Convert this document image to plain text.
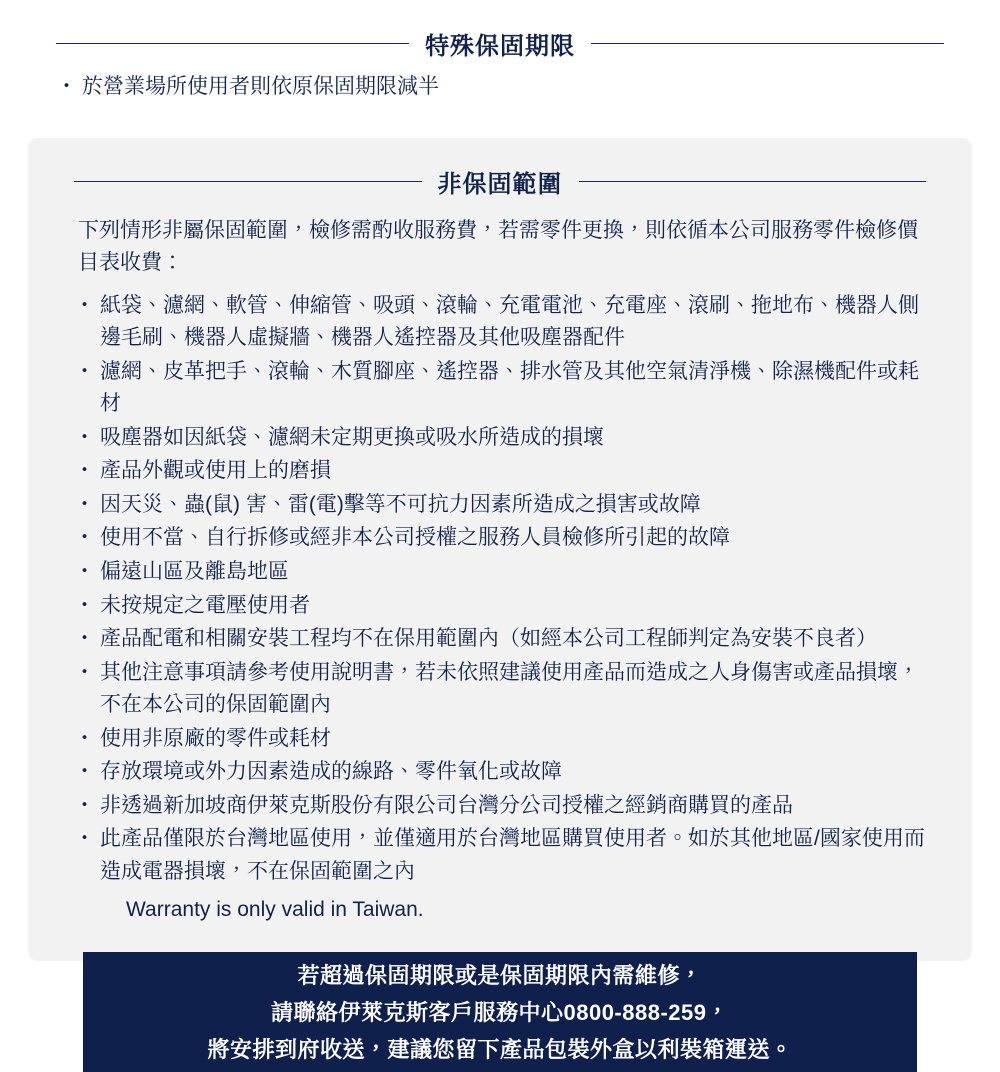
特殊保固期限
・ 於營業場所使用者則依原保固期限減半
非保固範圍

下列情形非屬保固範圍，檢修需酌收服務費，若需零件更換，則依循本公司服務零件檢修價目表收費：

・ 紙袋、濾網、軟管、伸縮管、吸頭、滾輪、充電電池、充電座、滾刷、拖地布、機器人側邊毛刷、機器人虛擬牆、機器人遙控器及其他吸塵器配件
・ 濾網、皮革把手、滾輪、木質腳座、遙控器、排水管及其他空氣清淨機、除濕機配件或耗材
・ 吸塵器如因紙袋、濾網未定期更換或吸水所造成的損壞
・ 產品外觀或使用上的磨損
・ 因天災、蟲(鼠) 害、雷(電)擊等不可抗力因素所造成之損害或故障
・ 使用不當、自行拆修或經非本公司授權之服務人員檢修所引起的故障
・ 偏遠山區及離島地區
・ 未按規定之電壓使用者
・ 產品配電和相關安裝工程均不在保用範圍內（如經本公司工程師判定為安裝不良者）
・ 其他注意事項請參考使用說明書，若未依照建議使用產品而造成之人身傷害或產品損壞，不在本公司的保固範圍內
・ 使用非原廠的零件或耗材
・ 存放環境或外力因素造成的線路、零件氧化或故障
・ 非透過新加坡商伊萊克斯股份有限公司台灣分公司授權之經銷商購買的產品
・ 此產品僅限於台灣地區使用，並僅適用於台灣地區購買使用者。如於其他地區/國家使用而造成電器損壞，不在保固範圍之內
Warranty is only valid in Taiwan.
若超過保固期限或是保固期限內需維修，
請聯絡伊萊克斯客戶服務中心0800-888-259，
將安排到府收送，建議您留下產品包裝外盒以利裝箱運送。
